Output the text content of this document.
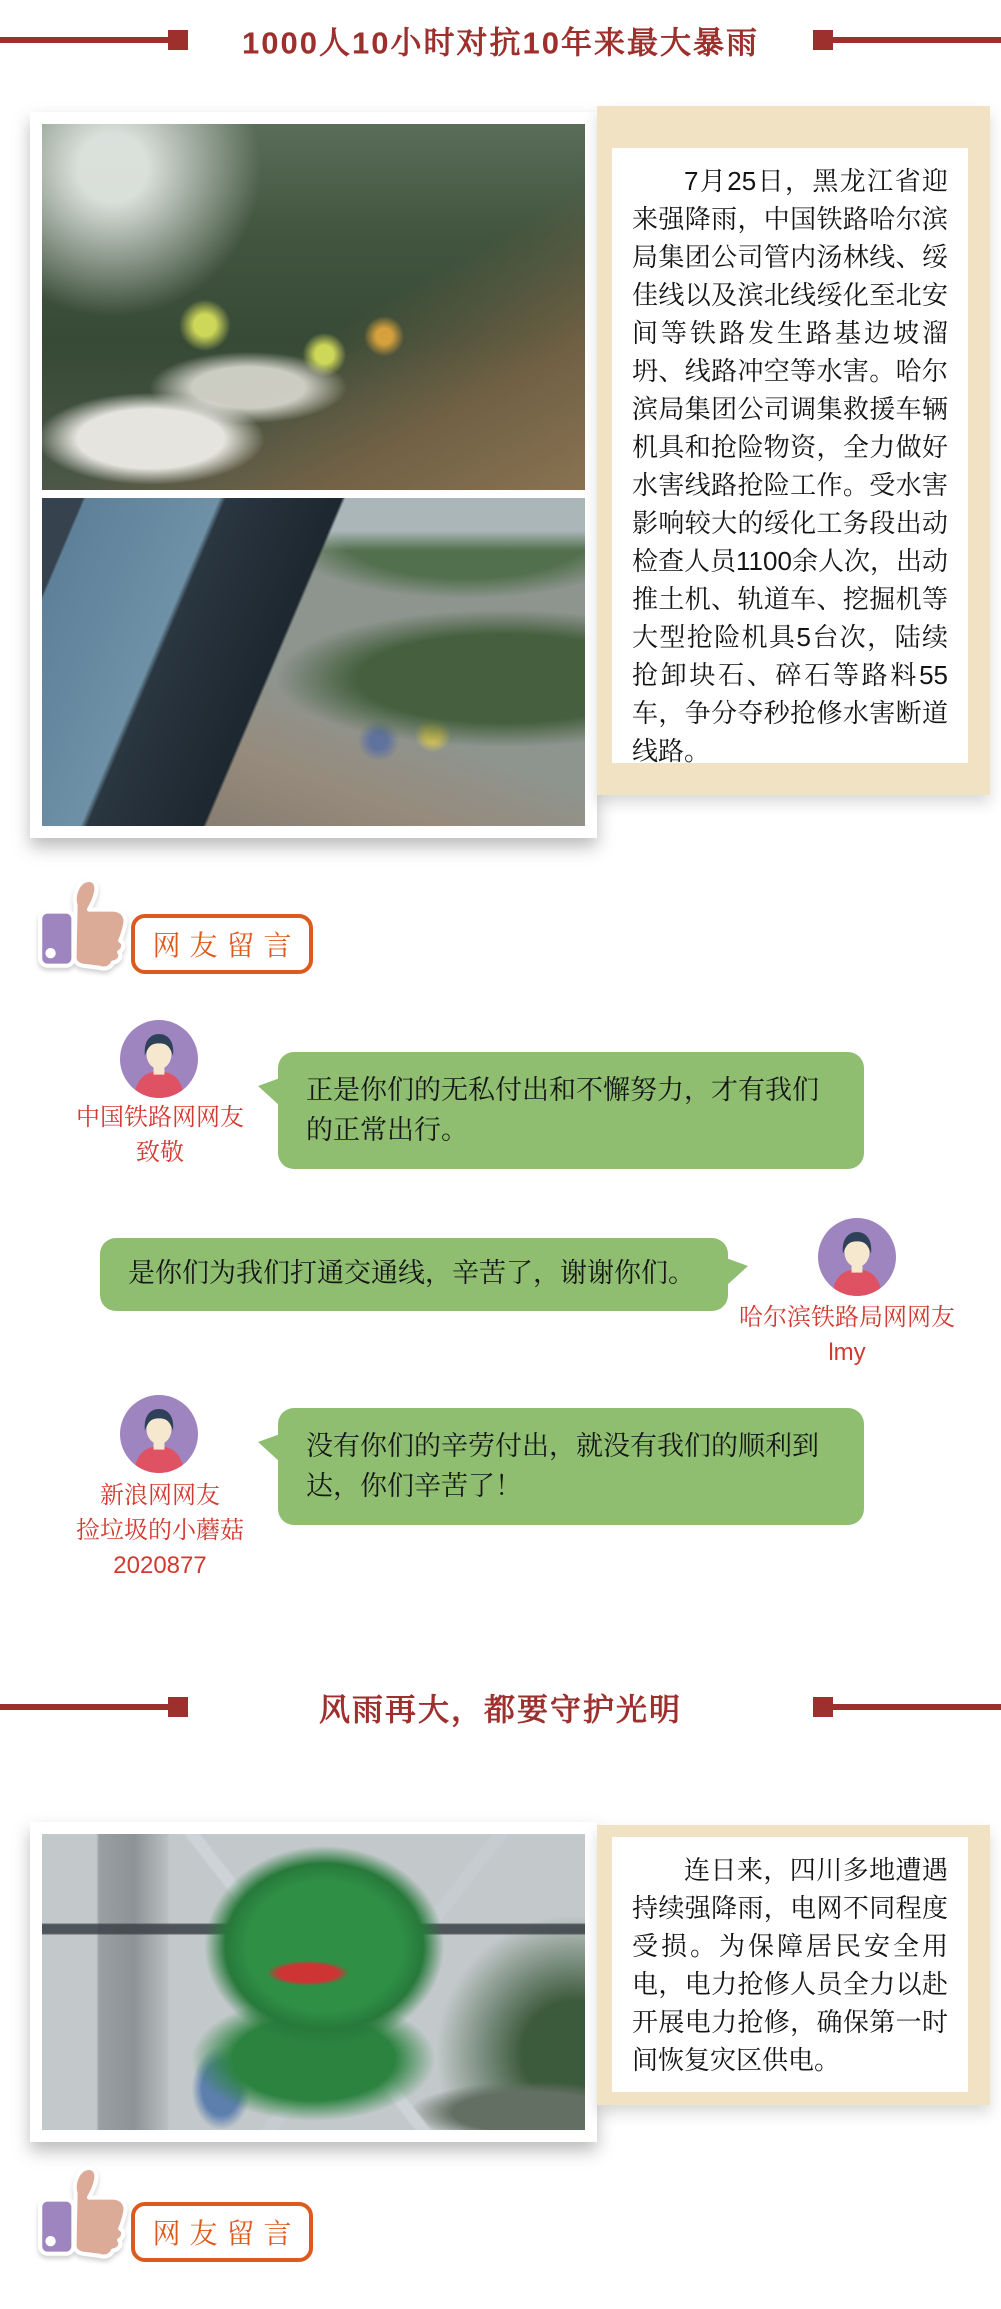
1000人10小时对抗10年来最大暴雨

7月25日，黑龙江省迎来强降雨，中国铁路哈尔滨局集团公司管内汤林线、绥佳线以及滨北线绥化至北安间等铁路发生路基边坡溜坍、线路冲空等水害。哈尔滨局集团公司调集救援车辆机具和抢险物资，全力做好水害线路抢险工作。受水害影响较大的绥化工务段出动检查人员1100余人次，出动推土机、轨道车、挖掘机等大型抢险机具5台次，陆续抢卸块石、碎石等路料55车，争分夺秒抢修水害断道线路。

网友留言
中国铁路网网友
致敬
正是你们的无私付出和不懈努力，才有我们的正常出行。
是你们为我们打通交通线，辛苦了，谢谢你们。
哈尔滨铁路局网网友
lmy
新浪网网友
捡垃圾的小蘑菇
2020877
没有你们的辛劳付出，就没有我们的顺利到达，你们辛苦了！
风雨再大，都要守护光明

连日来，四川多地遭遇持续强降雨，电网不同程度受损。为保障居民安全用电，电力抢修人员全力以赴开展电力抢修，确保第一时间恢复灾区供电。

网友留言
